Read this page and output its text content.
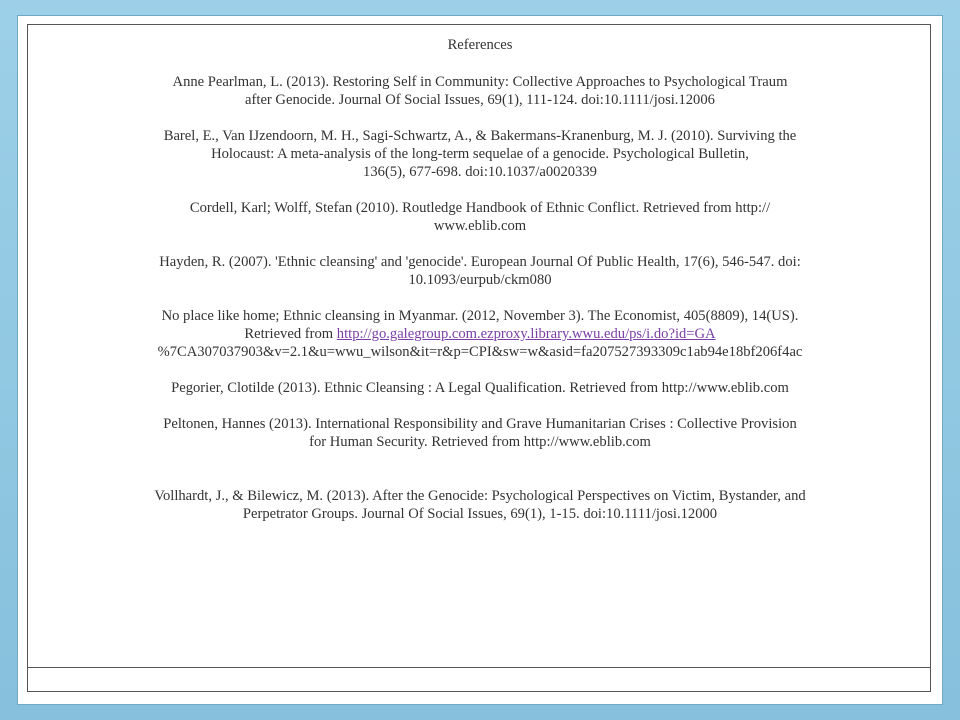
References
Anne Pearlman, L. (2013). Restoring Self in Community: Collective Approaches to Psychological Traum
after Genocide. Journal Of Social Issues, 69(1), 111-124. doi:10.1111/josi.12006
Barel, E., Van IJzendoorn, M. H., Sagi-Schwartz, A., & Bakermans-Kranenburg, M. J. (2010). Surviving the
Holocaust: A meta-analysis of the long-term sequelae of a genocide. Psychological Bulletin,
136(5), 677-698. doi:10.1037/a0020339
Cordell, Karl; Wolff, Stefan (2010). Routledge Handbook of Ethnic Conflict. Retrieved from http://
www.eblib.com
Hayden, R. (2007). 'Ethnic cleansing' and 'genocide'. European Journal Of Public Health, 17(6), 546-547. doi:
10.1093/eurpub/ckm080
No place like home; Ethnic cleansing in Myanmar. (2012, November 3). The Economist, 405(8809), 14(US).
Retrieved from http://go.galegroup.com.ezproxy.library.wwu.edu/ps/i.do?id=GA
%7CA307037903&v=2.1&u=wwu_wilson&it=r&p=CPI&sw=w&asid=fa207527393309c1ab94e18bf206f4ac
Pegorier, Clotilde (2013). Ethnic Cleansing : A Legal Qualification. Retrieved from http://www.eblib.com
Peltonen, Hannes (2013). International Responsibility and Grave Humanitarian Crises : Collective Provision
for Human Security. Retrieved from http://www.eblib.com
Vollhardt, J., & Bilewicz, M. (2013). After the Genocide: Psychological Perspectives on Victim, Bystander, and
Perpetrator Groups. Journal Of Social Issues, 69(1), 1-15. doi:10.1111/josi.12000
